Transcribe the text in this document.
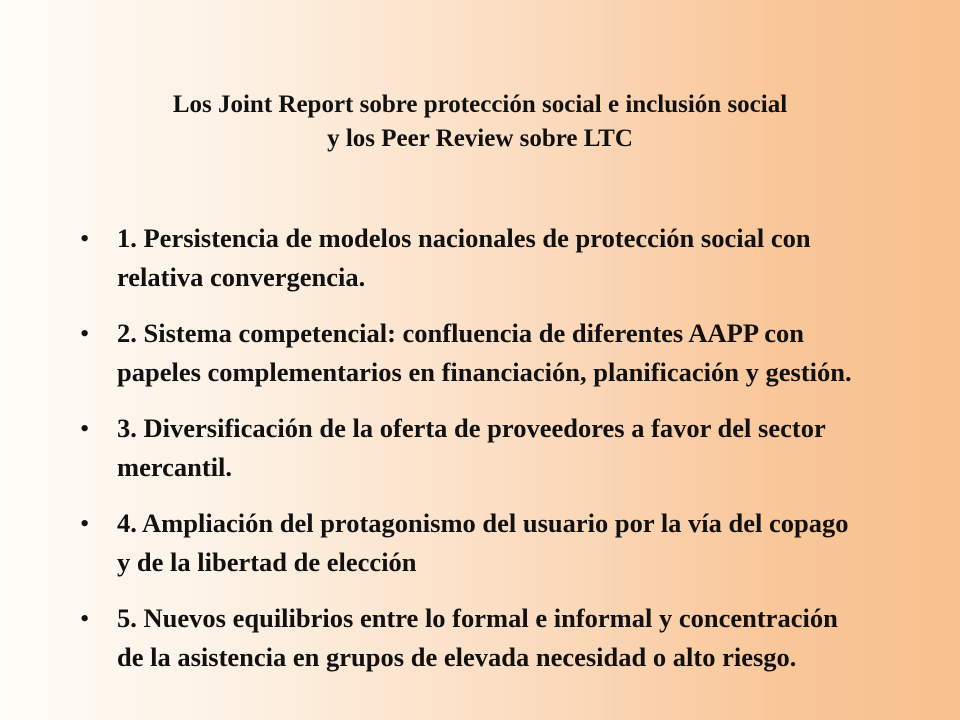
Los Joint Report sobre protección social e inclusión social
y los Peer Review sobre LTC
• 1. Persistencia de modelos nacionales de protección social con relativa convergencia.
• 2. Sistema competencial: confluencia de diferentes AAPP con papeles complementarios en financiación, planificación y gestión.
• 3. Diversificación de la oferta de proveedores a favor del sector mercantil.
• 4. Ampliación del protagonismo del usuario por la vía del copago y de la libertad de elección
• 5. Nuevos equilibrios entre lo formal e informal y concentración de la asistencia en grupos de elevada necesidad o alto riesgo.
